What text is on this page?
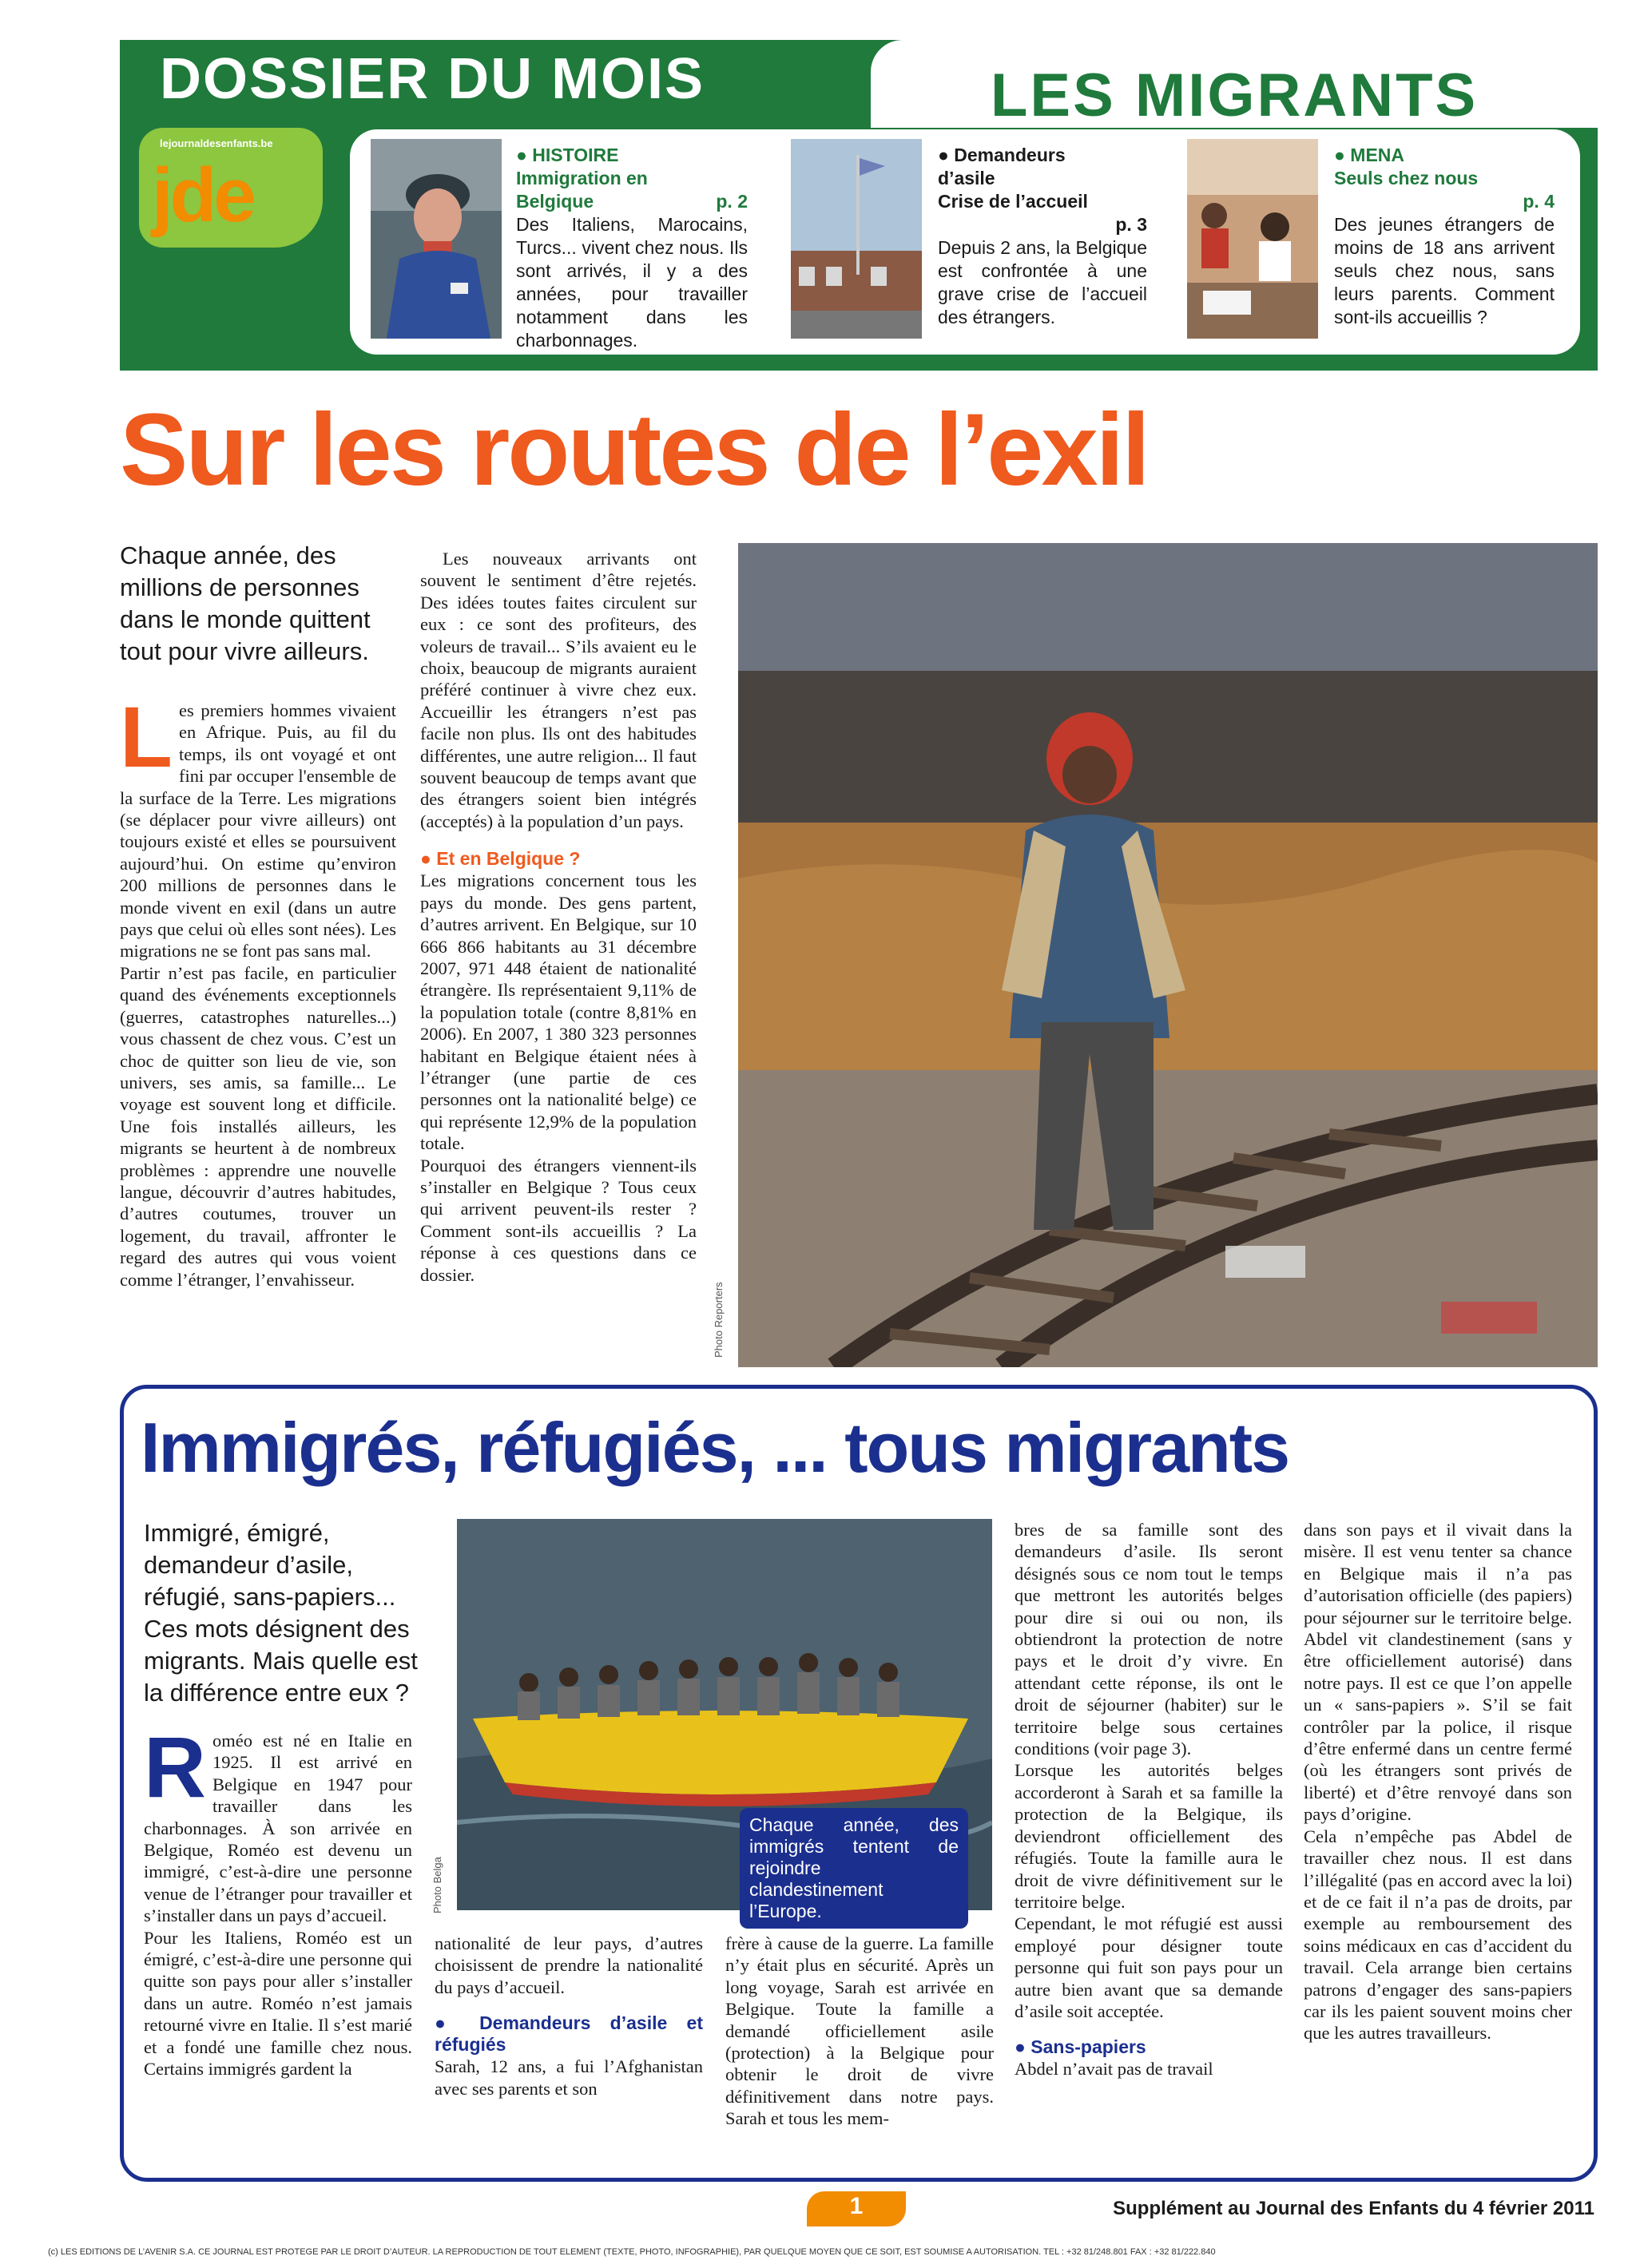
DOSSIER DU MOIS	LES MIGRANTS
lejournaldesenfants.be
jde	● HISTOIRE
Immigration en
p. 2
Belgique
Des Italiens, Marocains, Turcs... vivent chez nous. Ils sont arrivés, il y a des années, pour travailler notamment dans les charbonnages.
● Demandeurs
d’asile
Crise de l’accueil
p. 3
Depuis 2 ans, la Belgique est confrontée à une grave crise de l’accueil des étrangers.
● MENA
Seuls chez nous
p. 4
Des jeunes étrangers de moins de 18 ans arrivent seuls chez nous, sans leurs parents. Comment sont-ils accueillis ?
Sur les routes de l’exil
Chaque année, des millions de personnes dans le monde quittent tout pour vivre ailleurs.
L es premiers hommes vivaient en Afrique. Puis, au fil du temps, ils ont voyagé et ont fini par occuper l'ensemble de la surface de la Terre. Les migrations (se déplacer pour vivre ailleurs) ont toujours existé et elles se poursuivent aujourd’hui. On estime qu’environ 200 millions de personnes dans le monde vivent en exil (dans un autre pays que celui où elles sont nées). Les migrations ne se font pas sans mal.

Partir n’est pas facile, en particulier quand des événements exceptionnels (guerres, catastrophes naturelles...) vous chassent de chez vous. C’est un choc de quitter son lieu de vie, son univers, ses amis, sa famille... Le voyage est souvent long et difficile. Une fois installés ailleurs, les migrants se heurtent à de nombreux problèmes : apprendre une nouvelle langue, découvrir d’autres habitudes, d’autres coutumes, trouver un logement, du travail, affronter le regard des autres qui vous voient comme l’étranger, l’envahisseur.

Les nouveaux arrivants ont souvent le sentiment d’être rejetés. Des idées toutes faites circulent sur eux : ce sont des profiteurs, des voleurs de travail... S’ils avaient eu le choix, beaucoup de migrants auraient préféré continuer à vivre chez eux. Accueillir les étrangers n’est pas facile non plus. Ils ont des habitudes différentes, une autre religion... Il faut souvent beaucoup de temps avant que des étrangers soient bien intégrés (acceptés) à la population d’un pays.

● Et en Belgique ?

Les migrations concernent tous les pays du monde. Des gens partent, d’autres arrivent. En Belgique, sur 10 666 866 habitants au 31 décembre 2007, 971 448 étaient de nationalité étrangère. Ils représentaient 9,11% de la population totale (contre 8,81% en 2006). En 2007, 1 380 323 personnes habitant en Belgique étaient nées à l’étranger (une partie de ces personnes ont la nationalité belge) ce qui représente 12,9% de la population totale.

Pourquoi des étrangers viennent-ils s’installer en Belgique ? Tous ceux qui arrivent peuvent-ils rester ? Comment sont-ils accueillis ? La réponse à ces questions dans ce dossier.

Photo Reporters
Immigrés, réfugiés, ... tous migrants
Immigré, émigré, demandeur d’asile, réfugié, sans-papiers... Ces mots désignent des migrants. Mais quelle est la différence entre eux ?
Chaque année, des immigrés tentent de rejoindre clandestinement l’Europe.
Photo Belga
R oméo est né en Italie en 1925. Il est arrivé en Belgique en 1947 pour travailler dans les charbonnages. À son arrivée en Belgique, Roméo est devenu un immigré, c’est-à-dire une personne venue de l’étranger pour travailler et s’installer dans un pays d’accueil.

Pour les Italiens, Roméo est un émigré, c’est-à-dire une personne qui quitte son pays pour aller s’installer dans un autre. Roméo n’est jamais retourné vivre en Italie. Il s’est marié et a fondé une famille chez nous. Certains immigrés gardent la

nationalité de leur pays, d’autres choisissent de prendre la nationalité du pays d’accueil.

● Demandeurs d’asile et réfugiés

Sarah, 12 ans, a fui l’Afghanistan avec ses parents et son

frère à cause de la guerre. La famille n’y était plus en sécurité. Après un long voyage, Sarah est arrivée en Belgique. Toute la famille a demandé officiellement asile (protection) à la Belgique pour obtenir le droit de vivre définitivement dans notre pays. Sarah et tous les mem-

bres de sa famille sont des demandeurs d’asile. Ils seront désignés sous ce nom tout le temps que mettront les autorités belges pour dire si oui ou non, ils obtiendront la protection de notre pays et le droit d’y vivre. En attendant cette réponse, ils ont le droit de séjourner (habiter) sur le territoire belge sous certaines conditions (voir page 3).

Lorsque les autorités belges accorderont à Sarah et sa famille la protection de la Belgique, ils deviendront officiellement des réfugiés. Toute la famille aura le droit de vivre définitivement sur le territoire belge.

Cependant, le mot réfugié est aussi employé pour désigner toute personne qui fuit son pays pour un autre bien avant que sa demande d’asile soit acceptée.

● Sans-papiers

Abdel n’avait pas de travail

dans son pays et il vivait dans la misère. Il est venu tenter sa chance en Belgique mais il n’a pas d’autorisation officielle (des papiers) pour séjourner sur le territoire belge. Abdel vit clandestinement (sans y être officiellement autorisé) dans notre pays. Il est ce que l’on appelle un « sans-papiers ». S’il se fait contrôler par la police, il risque d’être enfermé dans un centre fermé (où les étrangers sont privés de liberté) et d’être renvoyé dans son pays d’origine.

Cela n’empêche pas Abdel de travailler chez nous. Il est dans l’illégalité (pas en accord avec la loi) et de ce fait il n’a pas de droits, par exemple au remboursement des soins médicaux en cas d’accident du travail. Cela arrange bien certains patrons d’engager des sans-papiers car ils les paient souvent moins cher que les autres travailleurs.

1	Supplément au Journal des Enfants du 4 février 2011
(c) LES EDITIONS DE L’AVENIR S.A. CE JOURNAL EST PROTEGE PAR LE DROIT D’AUTEUR. LA REPRODUCTION DE TOUT ELEMENT (TEXTE, PHOTO, INFOGRAPHIE), PAR QUELQUE MOYEN QUE CE SOIT, EST SOUMISE A AUTORISATION. TEL : +32 81/248.801 FAX : +32 81/222.840
